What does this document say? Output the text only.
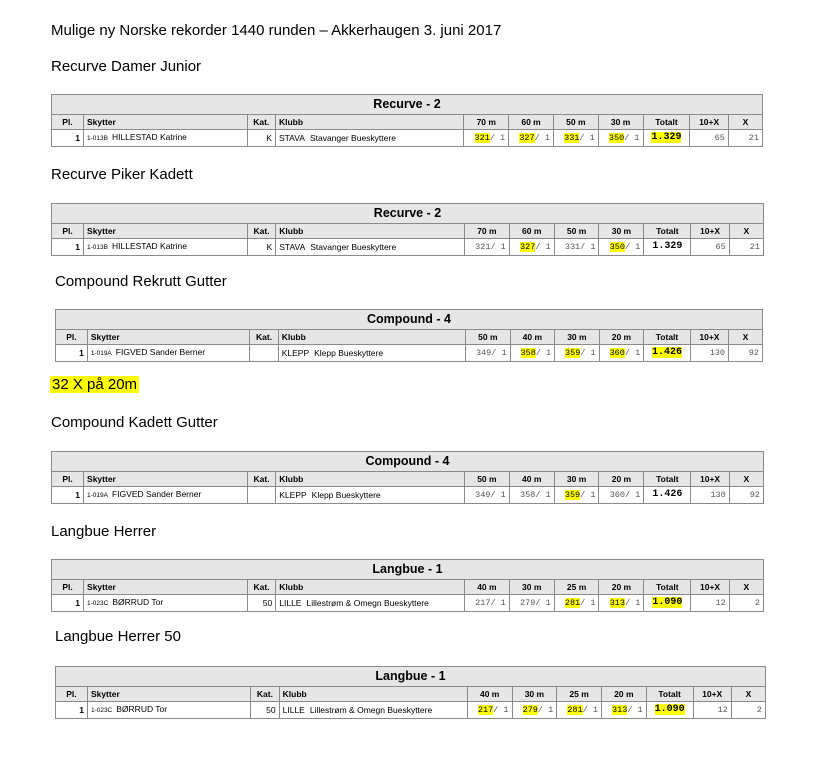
Mulige ny Norske rekorder 1440 runden – Akkerhaugen 3. juni 2017
32 X på 20m
Recurve Damer Junior
Recurve - 2										
Pl.	Skytter	Kat.	Klubb	70 m	60 m	50 m	30 m	Totalt	10+X	X
1	1-013B HILLESTAD Katrine	K	STAVA Stavanger Bueskyttere	321/ 1	327/ 1	331/ 1	350/ 1	1.329	65	21
Recurve Piker Kadett
Recurve - 2										
Pl.	Skytter	Kat.	Klubb	70 m	60 m	50 m	30 m	Totalt	10+X	X
1	1-013B HILLESTAD Katrine	K	STAVA Stavanger Bueskyttere	321/ 1	327/ 1	331/ 1	350/ 1	1.329	65	21
Compound Rekrutt Gutter
Compound - 4										
Pl.	Skytter	Kat.	Klubb	50 m	40 m	30 m	20 m	Totalt	10+X	X
1	1-019A FIGVED Sander Berner		KLEPP Klepp Bueskyttere	349/ 1	358/ 1	359/ 1	360/ 1	1.426	130	92
Compound Kadett Gutter
Compound - 4										
Pl.	Skytter	Kat.	Klubb	50 m	40 m	30 m	20 m	Totalt	10+X	X
1	1-019A FIGVED Sander Berner		KLEPP Klepp Bueskyttere	349/ 1	358/ 1	359/ 1	360/ 1	1.426	130	92
Langbue Herrer
Langbue - 1										
Pl.	Skytter	Kat.	Klubb	40 m	30 m	25 m	20 m	Totalt	10+X	X
1	1-023C BØRRUD Tor	50	LILLE Lillestrøm & Omegn Bueskyttere	217/ 1	279/ 1	281/ 1	313/ 1	1.090	12	2
Langbue Herrer 50
Langbue - 1										
Pl.	Skytter	Kat.	Klubb	40 m	30 m	25 m	20 m	Totalt	10+X	X
1	1-023C BØRRUD Tor	50	LILLE Lillestrøm & Omegn Bueskyttere	217/ 1	279/ 1	281/ 1	313/ 1	1.090	12	2
